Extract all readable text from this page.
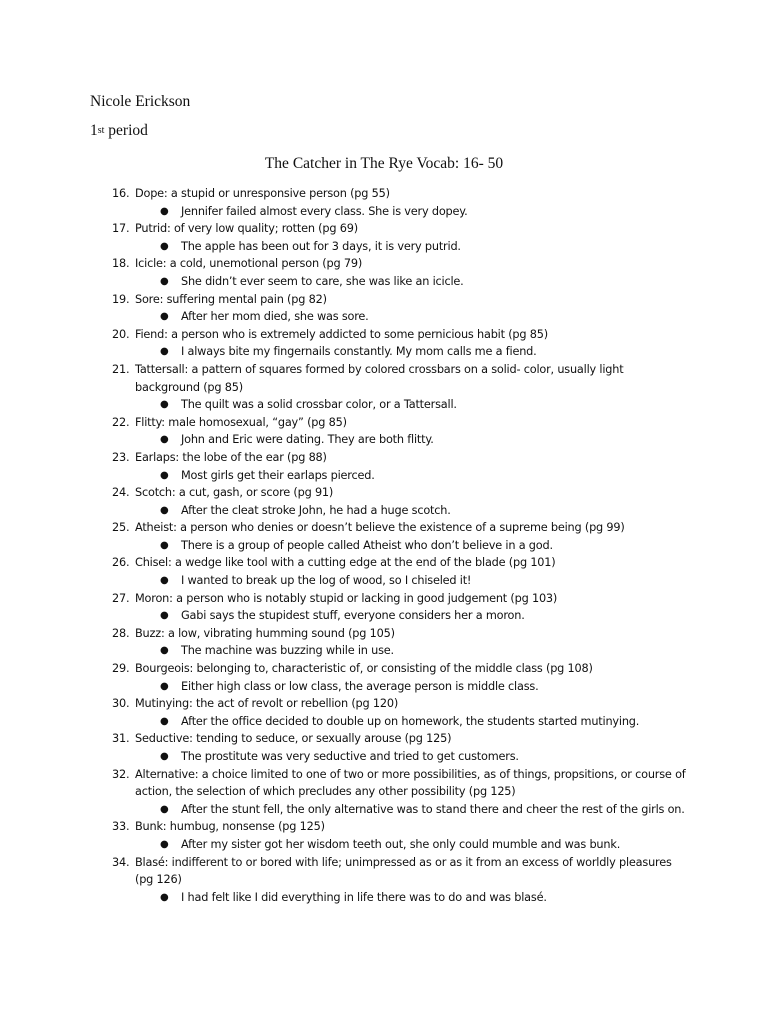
Nicole Erickson
1st period
The Catcher in The Rye Vocab: 16- 50
16. Dope: a stupid or unresponsive person (pg 55)
● Jennifer failed almost every class. She is very dopey.
17. Putrid: of very low quality; rotten (pg 69)
● The apple has been out for 3 days, it is very putrid.
18. Icicle: a cold, unemotional person (pg 79)
● She didn’t ever seem to care, she was like an icicle.
19. Sore: suffering mental pain (pg 82)
● After her mom died, she was sore.
20. Fiend: a person who is extremely addicted to some pernicious habit (pg 85)
● I always bite my fingernails constantly. My mom calls me a fiend.
21. Tattersall: a pattern of squares formed by colored crossbars on a solid- color, usually light background (pg 85)
● The quilt was a solid crossbar color, or a Tattersall.
22. Flitty: male homosexual, “gay” (pg 85)
● John and Eric were dating. They are both flitty.
23. Earlaps: the lobe of the ear (pg 88)
● Most girls get their earlaps pierced.
24. Scotch: a cut, gash, or score (pg 91)
● After the cleat stroke John, he had a huge scotch.
25. Atheist: a person who denies or doesn’t believe the existence of a supreme being (pg 99)
● There is a group of people called Atheist who don’t believe in a god.
26. Chisel: a wedge like tool with a cutting edge at the end of the blade (pg 101)
● I wanted to break up the log of wood, so I chiseled it!
27. Moron: a person who is notably stupid or lacking in good judgement (pg 103)
● Gabi says the stupidest stuff, everyone considers her a moron.
28. Buzz: a low, vibrating humming sound (pg 105)
● The machine was buzzing while in use.
29. Bourgeois: belonging to, characteristic of, or consisting of the middle class (pg 108)
● Either high class or low class, the average person is middle class.
30. Mutinying: the act of revolt or rebellion (pg 120)
● After the office decided to double up on homework, the students started mutinying.
31. Seductive: tending to seduce, or sexually arouse (pg 125)
● The prostitute was very seductive and tried to get customers.
32. Alternative: a choice limited to one of two or more possibilities, as of things, propsitions, or course of action, the selection of which precludes any other possibility (pg 125)
● After the stunt fell, the only alternative was to stand there and cheer the rest of the girls on.
33. Bunk: humbug, nonsense (pg 125)
● After my sister got her wisdom teeth out, she only could mumble and was bunk.
34. Blasé: indifferent to or bored with life; unimpressed as or as it from an excess of worldly pleasures (pg 126)
● I had felt like I did everything in life there was to do and was blasé.
